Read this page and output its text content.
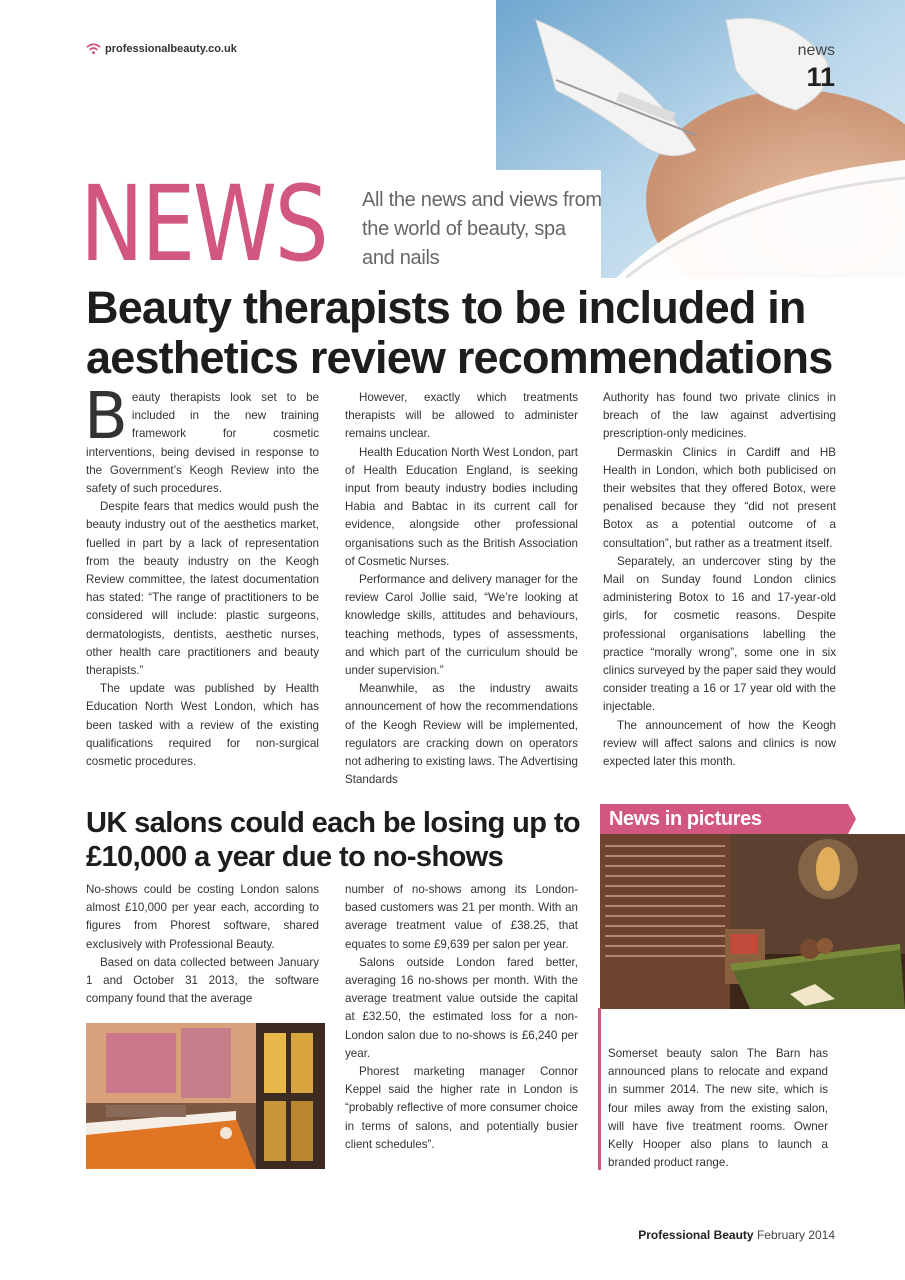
professionalbeauty.co.uk	news
11
NEWS All the news and views from the world of beauty, spa and nails
Beauty therapists to be included in aesthetics review recommendations

Beauty therapists look set to be included in the new training framework for cosmetic interventions, being devised in response to the Government’s Keogh Review into the safety of such procedures.

Despite fears that medics would push the beauty industry out of the aesthetics market, fuelled in part by a lack of representation from the beauty industry on the Keogh Review committee, the latest documentation has stated: “The range of practitioners to be considered will include: plastic surgeons, dermatologists, dentists, aesthetic nurses, other health care practitioners and beauty therapists.”

The update was published by Health Education North West London, which has been tasked with a review of the existing qualifications required for non-surgical cosmetic procedures.

However, exactly which treatments therapists will be allowed to administer remains unclear.

Health Education North West London, part of Health Education England, is seeking input from beauty industry bodies including Habia and Babtac in its current call for evidence, alongside other professional organisations such as the British Association of Cosmetic Nurses.

Performance and delivery manager for the review Carol Jollie said, “We’re looking at knowledge skills, attitudes and behaviours, teaching methods, types of assessments, and which part of the curriculum should be under supervision.”

Meanwhile, as the industry awaits announcement of how the recommendations of the Keogh Review will be implemented, regulators are cracking down on operators not adhering to existing laws. The Advertising Standards

Authority has found two private clinics in breach of the law against advertising prescription-only medicines.

Dermaskin Clinics in Cardiff and HB Health in London, which both publicised on their websites that they offered Botox, were penalised because they “did not present Botox as a potential outcome of a consultation”, but rather as a treatment itself.

Separately, an undercover sting by the Mail on Sunday found London clinics administering Botox to 16 and 17-year-old girls, for cosmetic reasons. Despite professional organisations labelling the practice “morally wrong”, some one in six clinics surveyed by the paper said they would consider treating a 16 or 17 year old with the injectable.

The announcement of how the Keogh review will affect salons and clinics is now expected later this month.

UK salons could each be losing up to £10,000 a year due to no-shows

No-shows could be costing London salons almost £10,000 per year each, according to figures from Phorest software, shared exclusively with Professional Beauty.

Based on data collected between January 1 and October 31 2013, the software company found that the average

number of no-shows among its London-based customers was 21 per month. With an average treatment value of £38.25, that equates to some £9,639 per salon per year.

Salons outside London fared better, averaging 16 no-shows per month. With the average treatment value outside the capital at £32.50, the estimated loss for a non-London salon due to no-shows is £6,240 per year.

Phorest marketing manager Connor Keppel said the higher rate in London is “probably reflective of more consumer choice in terms of salons, and potentially busier client schedules”.

News in pictures
Somerset beauty salon The Barn has announced plans to relocate and expand in summer 2014. The new site, which is four miles away from the existing salon, will have five treatment rooms. Owner Kelly Hooper also plans to launch a branded product range.
Professional Beauty February 2014
